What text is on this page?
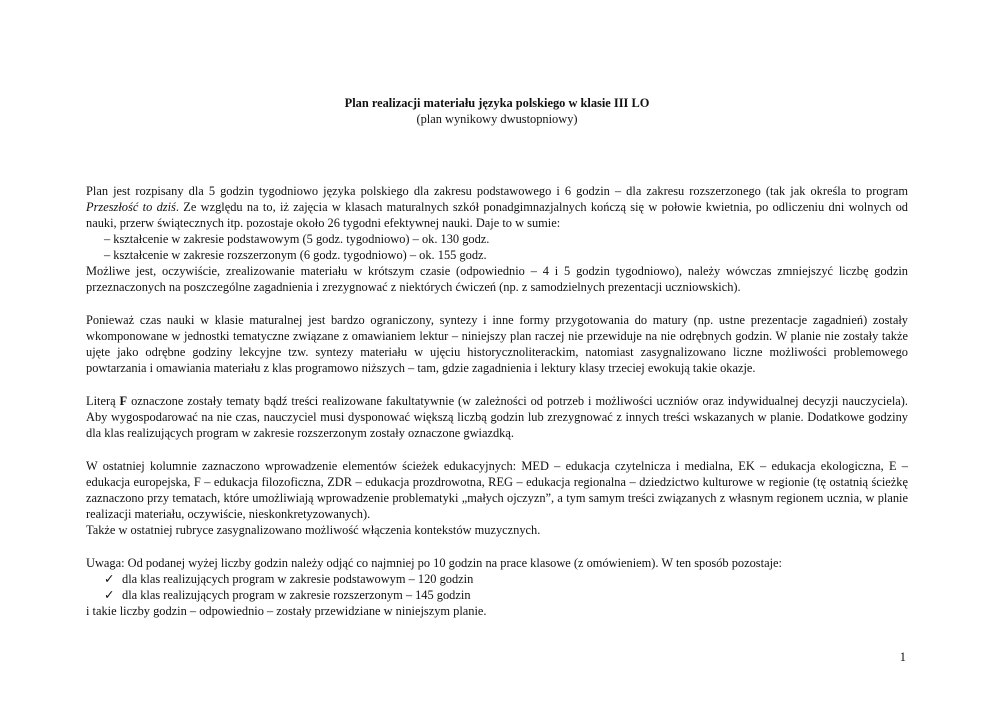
Plan realizacji materiału języka polskiego w klasie III LO
(plan wynikowy dwustopniowy)

Plan jest rozpisany dla 5 godzin tygodniowo języka polskiego dla zakresu podstawowego i 6 godzin – dla zakresu rozszerzonego (tak jak określa to program Przeszłość to dziś. Ze względu na to, iż zajęcia w klasach maturalnych szkół ponadgimnazjalnych kończą się w połowie kwietnia, po odliczeniu dni wolnych od nauki, przerw świątecznych itp. pozostaje około 26 tygodni efektywnej nauki. Daje to w sumie:

– kształcenie w zakresie podstawowym (5 godz. tygodniowo) – ok. 130 godz.
– kształcenie w zakresie rozszerzonym (6 godz. tygodniowo) – ok. 155 godz.

Możliwe jest, oczywiście, zrealizowanie materiału w krótszym czasie (odpowiednio – 4 i 5 godzin tygodniowo), należy wówczas zmniejszyć liczbę godzin przeznaczonych na poszczególne zagadnienia i zrezygnować z niektórych ćwiczeń (np. z samodzielnych prezentacji uczniowskich).

Ponieważ czas nauki w klasie maturalnej jest bardzo ograniczony, syntezy i inne formy przygotowania do matury (np. ustne prezentacje zagadnień) zostały wkomponowane w jednostki tematyczne związane z omawianiem lektur – niniejszy plan raczej nie przewiduje na nie odrębnych godzin. W planie nie zostały także ujęte jako odrębne godziny lekcyjne tzw. syntezy materiału w ujęciu historycznoliterackim, natomiast zasygnalizowano liczne możliwości problemowego powtarzania i omawiania materiału z klas programowo niższych – tam, gdzie zagadnienia i lektury klasy trzeciej ewokują takie okazje.

Literą F oznaczone zostały tematy bądź treści realizowane fakultatywnie (w zależności od potrzeb i możliwości uczniów oraz indywidualnej decyzji nauczyciela). Aby wygospodarować na nie czas, nauczyciel musi dysponować większą liczbą godzin lub zrezygnować z innych treści wskazanych w planie. Dodatkowe godziny dla klas realizujących program w zakresie rozszerzonym zostały oznaczone gwiazdką.

W ostatniej kolumnie zaznaczono wprowadzenie elementów ścieżek edukacyjnych: MED – edukacja czytelnicza i medialna, EK – edukacja ekologiczna, E – edukacja europejska, F – edukacja filozoficzna, ZDR – edukacja prozdrowotna, REG – edukacja regionalna – dziedzictwo kulturowe w regionie (tę ostatnią ścieżkę zaznaczono przy tematach, które umożliwiają wprowadzenie problematyki „małych ojczyzn”, a tym samym treści związanych z własnym regionem ucznia, w planie realizacji materiału, oczywiście, nieskonkretyzowanych).

Także w ostatniej rubryce zasygnalizowano możliwość włączenia kontekstów muzycznych.

Uwaga: Od podanej wyżej liczby godzin należy odjąć co najmniej po 10 godzin na prace klasowe (z omówieniem). W ten sposób pozostaje:

✓ dla klas realizujących program w zakresie podstawowym – 120 godzin
✓ dla klas realizujących program w zakresie rozszerzonym – 145 godzin

i takie liczby godzin – odpowiednio – zostały przewidziane w niniejszym planie.

1
